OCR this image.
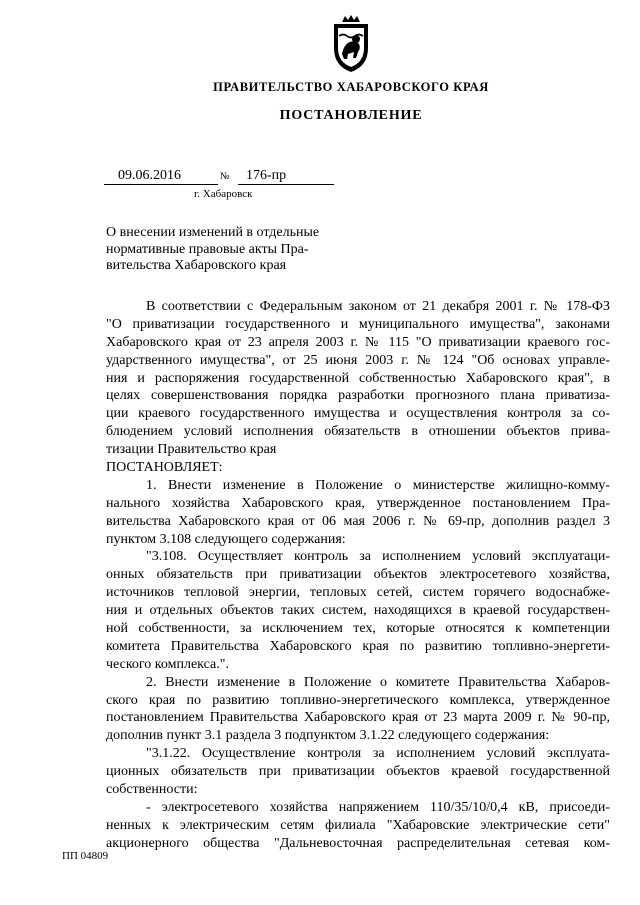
ПРАВИТЕЛЬСТВО ХАБАРОВСКОГО КРАЯ
ПОСТАНОВЛЕНИЕ
09.06.2016	№	176-пр
г. Хабаровск
О внесении изменений в отдельные
нормативные правовые акты Пра-
вительства Хабаровского края
В соответствии с Федеральным законом от 21 декабря 2001 г. № 178-ФЗ
"О приватизации государственного и муниципального имущества", законами
Хабаровского края от 23 апреля 2003 г. № 115 "О приватизации краевого гос-
ударственного имущества", от 25 июня 2003 г. № 124 "Об основах управле-
ния и распоряжения государственной собственностью Хабаровского края", в
целях совершенствования порядка разработки прогнозного плана приватиза-
ции краевого государственного имущества и осуществления контроля за со-
блюдением условий исполнения обязательств в отношении объектов прива-
тизации Правительство края
ПОСТАНОВЛЯЕТ:
1. Внести изменение в Положение о министерстве жилищно-комму-
нального хозяйства Хабаровского края, утвержденное постановлением Пра-
вительства Хабаровского края от 06 мая 2006 г. № 69-пр, дополнив раздел 3
пунктом 3.108 следующего содержания:
"3.108. Осуществляет контроль за исполнением условий эксплуатаци-
онных обязательств при приватизации объектов электросетевого хозяйства,
источников тепловой энергии, тепловых сетей, систем горячего водоснабже-
ния и отдельных объектов таких систем, находящихся в краевой государствен-
ной собственности, за исключением тех, которые относятся к компетенции
комитета Правительства Хабаровского края по развитию топливно-энергети-
ческого комплекса.".
2. Внести изменение в Положение о комитете Правительства Хабаров-
ского края по развитию топливно-энергетического комплекса, утвержденное
постановлением Правительства Хабаровского края от 23 марта 2009 г. № 90-пр,
дополнив пункт 3.1 раздела 3 подпунктом 3.1.22 следующего содержания:
"3.1.22. Осуществление контроля за исполнением условий эксплуата-
ционных обязательств при приватизации объектов краевой государственной
собственности:
- электросетевого хозяйства напряжением 110/35/10/0,4 кВ, присоеди-
ненных к электрическим сетям филиала "Хабаровские электрические сети"
акционерного общества "Дальневосточная распределительная сетевая ком-
ПП 04809
